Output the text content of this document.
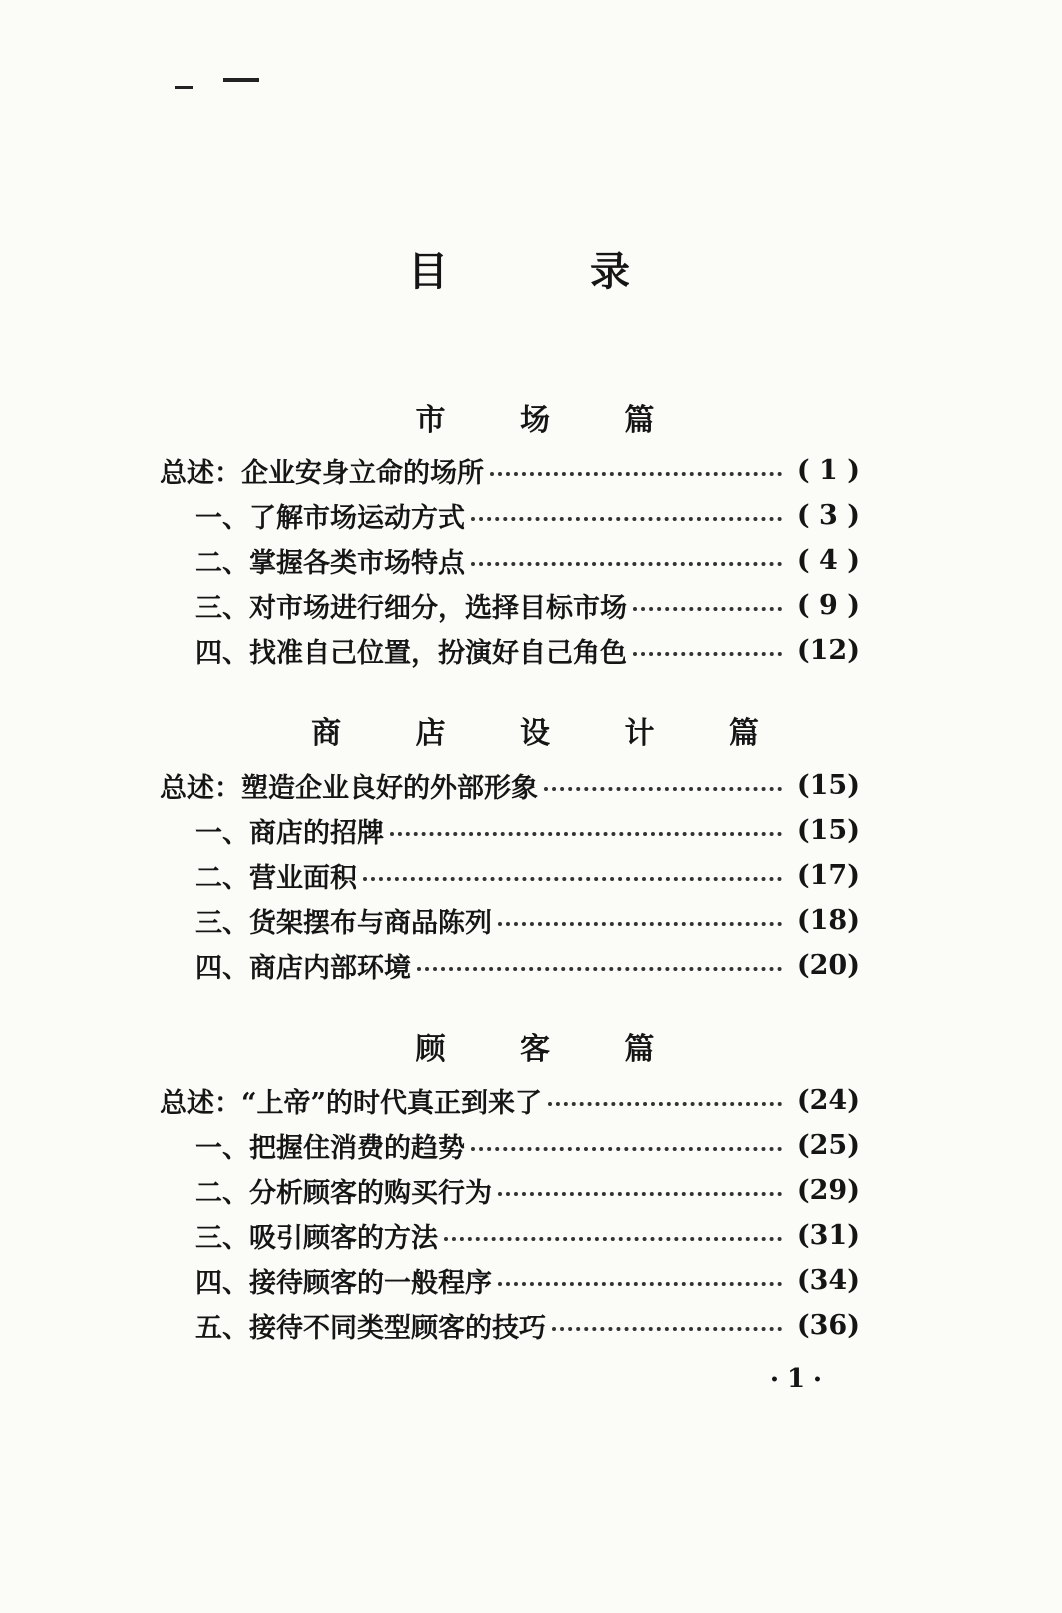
目 录
市 场 篇
总述：企业安身立命的场所	( 1 )
一、了解市场运动方式	( 3 )
二、掌握各类市场特点	( 4 )
三、对市场进行细分，选择目标市场	( 9 )
四、找准自己位置，扮演好自己角色	(12)
商 店 设 计 篇
总述：塑造企业良好的外部形象	(15)
一、商店的招牌	(15)
二、营业面积	(17)
三、货架摆布与商品陈列	(18)
四、商店内部环境	(20)
顾 客 篇
总述：“上帝”的时代真正到来了	(24)
一、把握住消费的趋势	(25)
二、分析顾客的购买行为	(29)
三、吸引顾客的方法	(31)
四、接待顾客的一般程序	(34)
五、接待不同类型顾客的技巧	(36)
• 1 •
